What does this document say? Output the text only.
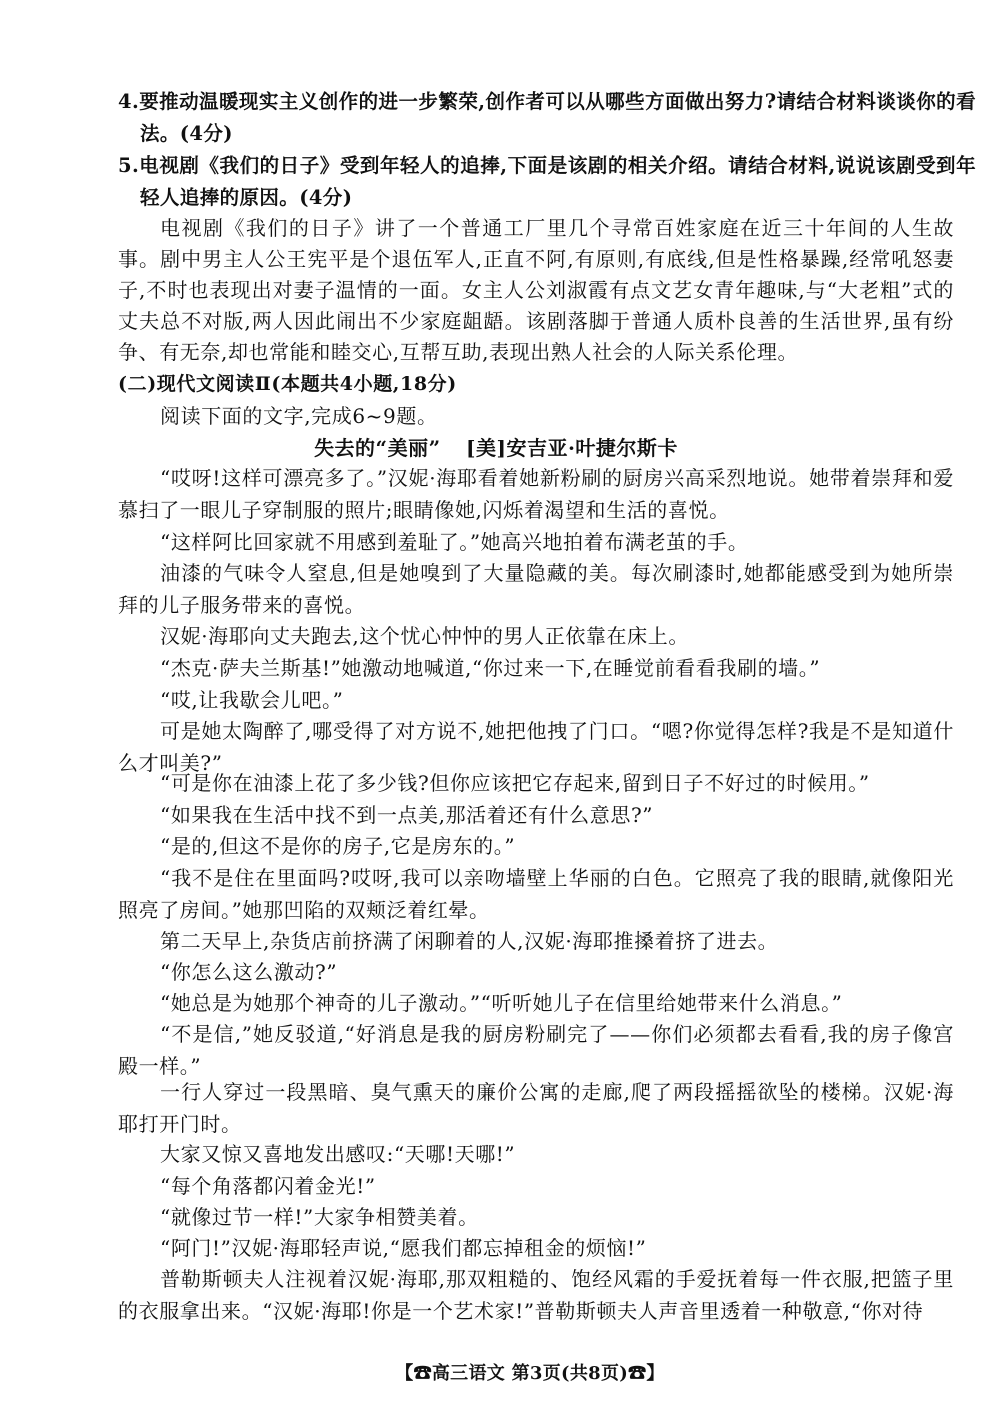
4.要推动温暖现实主义创作的进一步繁荣,创作者可以从哪些方面做出努力?请结合材料谈谈你的看法。(4分)

5.电视剧《我们的日子》受到年轻人的追捧,下面是该剧的相关介绍。请结合材料,说说该剧受到年轻人追捧的原因。(4分)

电视剧《我们的日子》讲了一个普通工厂里几个寻常百姓家庭在近三十年间的人生故事。剧中男主人公王宪平是个退伍军人,正直不阿,有原则,有底线,但是性格暴躁,经常吼怒妻子,不时也表现出对妻子温情的一面。女主人公刘淑霞有点文艺女青年趣味,与“大老粗”式的丈夫总不对版,两人因此闹出不少家庭龃龉。该剧落脚于普通人质朴良善的生活世界,虽有纷争、有无奈,却也常能和睦交心,互帮互助,表现出熟人社会的人际关系伦理。

(二)现代文阅读Ⅱ(本题共4小题,18分)

阅读下面的文字,完成6~9题。

失去的“美丽” [美]安吉亚·叶捷尔斯卡

“哎呀!这样可漂亮多了。”汉妮·海耶看着她新粉刷的厨房兴高采烈地说。她带着崇拜和爱慕扫了一眼儿子穿制服的照片;眼睛像她,闪烁着渴望和生活的喜悦。

“这样阿比回家就不用感到羞耻了。”她高兴地拍着布满老茧的手。

油漆的气味令人窒息,但是她嗅到了大量隐藏的美。每次刷漆时,她都能感受到为她所崇拜的儿子服务带来的喜悦。

汉妮·海耶向丈夫跑去,这个忧心忡忡的男人正依靠在床上。

“杰克·萨夫兰斯基!”她激动地喊道,“你过来一下,在睡觉前看看我刷的墙。”

“哎,让我歇会儿吧。”

可是她太陶醉了,哪受得了对方说不,她把他拽了门口。“嗯?你觉得怎样?我是不是知道什么才叫美?”

“可是你在油漆上花了多少钱?但你应该把它存起来,留到日子不好过的时候用。”

“如果我在生活中找不到一点美,那活着还有什么意思?”

“是的,但这不是你的房子,它是房东的。”

“我不是住在里面吗?哎呀,我可以亲吻墙壁上华丽的白色。它照亮了我的眼睛,就像阳光照亮了房间。”她那凹陷的双颊泛着红晕。

第二天早上,杂货店前挤满了闲聊着的人,汉妮·海耶推搡着挤了进去。

“你怎么这么激动?”

“她总是为她那个神奇的儿子激动。”“听听她儿子在信里给她带来什么消息。”

“不是信,”她反驳道,“好消息是我的厨房粉刷完了——你们必须都去看看,我的房子像宫殿一样。”

一行人穿过一段黑暗、臭气熏天的廉价公寓的走廊,爬了两段摇摇欲坠的楼梯。汉妮·海耶打开门时。

大家又惊又喜地发出感叹:“天哪!天哪!”

“每个角落都闪着金光!”

“就像过节一样!”大家争相赞美着。

“阿门!”汉妮·海耶轻声说,“愿我们都忘掉租金的烦恼!”

普勒斯顿夫人注视着汉妮·海耶,那双粗糙的、饱经风霜的手爱抚着每一件衣服,把篮子里的衣服拿出来。“汉妮·海耶!你是一个艺术家!”普勒斯顿夫人声音里透着一种敬意,“你对待

【☎高三语文 第3页(共8页)☎】
